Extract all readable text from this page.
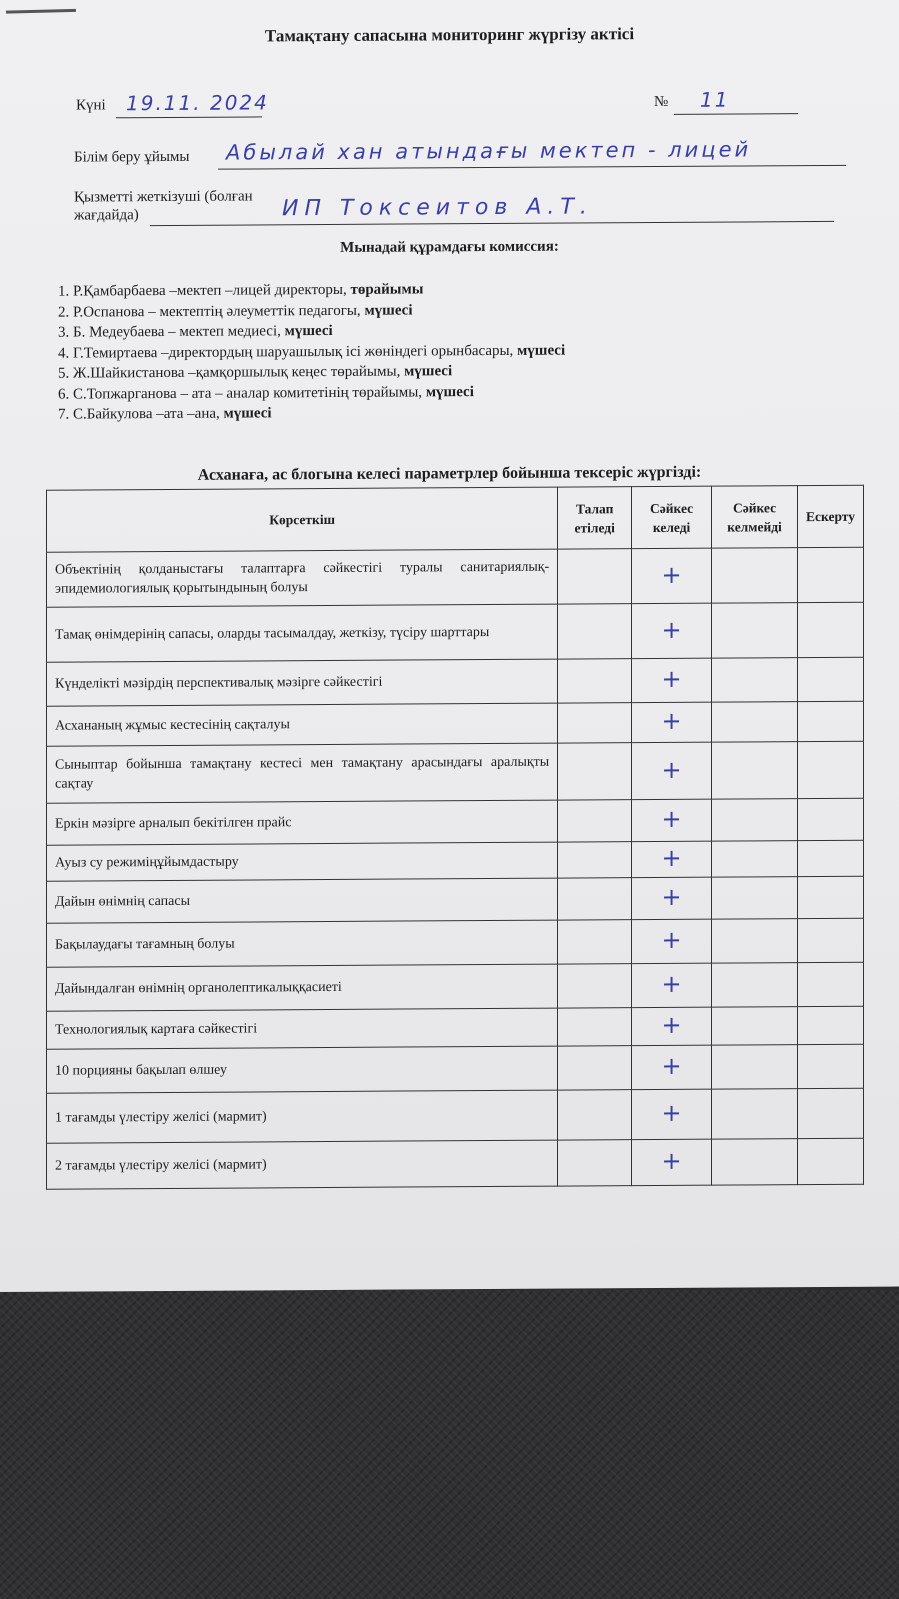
Тамақтану сапасына мониторинг жүргізу актісі
Күні 19.11. 2024	№ 11
Білім беру ұйымы Абылай хан атындағы мектеп - лицей
Қызметті жеткізуші (болған
жағдайда)	ИП Токсеитов А.Т.
Мынадай құрамдағы комиссия:
1. Р.Қамбарбаева –мектеп –лицей директоры, төрайымы
2. Р.Оспанова – мектептің әлеуметтік педагогы, мүшесі
3. Б. Медеубаева – мектеп медиесі, мүшесі
4. Г.Темиртаева –директордың шаруашылық ісі жөніндегі орынбасары, мүшесі
5. Ж.Шайкистанова –қамқоршылық кеңес төрайымы, мүшесі
6. С.Топжарганова – ата – аналар комитетінің төрайымы, мүшесі
7. С.Байкулова –ата –ана, мүшесі
Асханаға, ас блогына келесі параметрлер бойынша тексеріс жүргізді:
Көрсеткіш	Талап етіледі	Сәйкес келеді	Сәйкес келмейді	Ескерту
Объектінің қолданыстағы талаптарға сәйкестігі туралы санитариялық-эпидемиологиялық қорытындының болуы		+		
Тамақ өнімдерінің сапасы, оларды тасымалдау, жеткізу, түсіру шарттары		+		
Күнделікті мәзірдің перспективалық мәзірге сәйкестігі		+		
Асхананың жұмыс кестесінің сақталуы		+		
Сыныптар бойынша тамақтану кестесі мен тамақтану арасындағы аралықты сақтау		+		
Еркін мәзірге арналып бекітілген прайс		+		
Ауыз су режиміңұйымдастыру		+		
Дайын өнімнің сапасы		+		
Бақылаудағы тағамның болуы		+		
Дайындалған өнімнің органолептикалыққасиеті		+		
Технологиялық картаға сәйкестігі		+		
10 порцияны бақылап өлшеу		+		
1 тағамды үлестіру желісі (мармит)		+		
2 тағамды үлестіру желісі (мармит)		+		
